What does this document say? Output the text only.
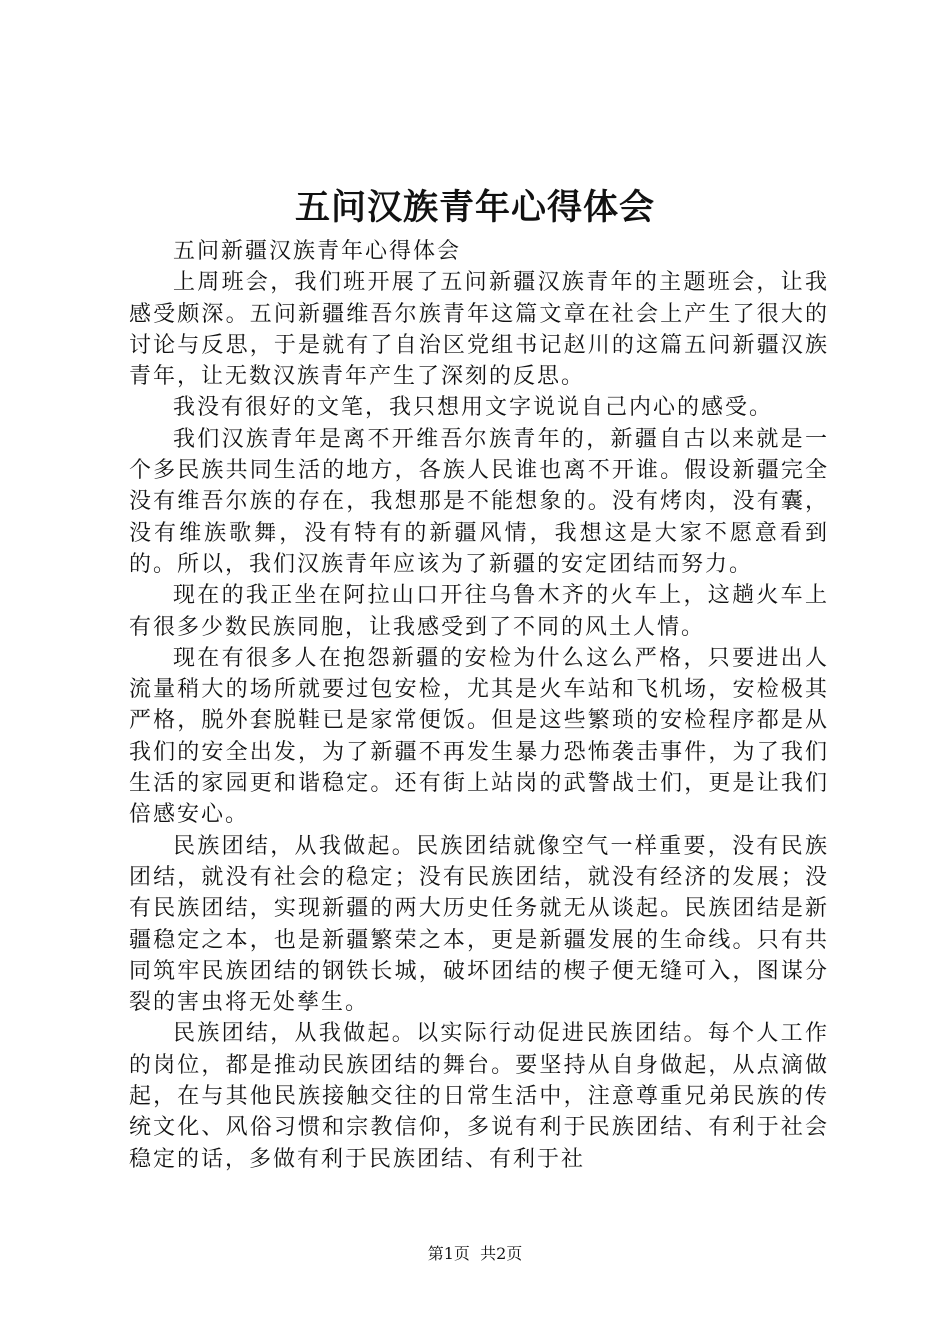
五问汉族青年心得体会

五问新疆汉族青年心得体会

上周班会，我们班开展了五问新疆汉族青年的主题班会，让我感受颇深。五问新疆维吾尔族青年这篇文章在社会上产生了很大的讨论与反思，于是就有了自治区党组书记赵川的这篇五问新疆汉族青年，让无数汉族青年产生了深刻的反思。

我没有很好的文笔，我只想用文字说说自己内心的感受。

我们汉族青年是离不开维吾尔族青年的，新疆自古以来就是一个多民族共同生活的地方，各族人民谁也离不开谁。假设新疆完全没有维吾尔族的存在，我想那是不能想象的。没有烤肉，没有囊，没有维族歌舞，没有特有的新疆风情，我想这是大家不愿意看到的。所以，我们汉族青年应该为了新疆的安定团结而努力。

现在的我正坐在阿拉山口开往乌鲁木齐的火车上，这趟火车上有很多少数民族同胞，让我感受到了不同的风土人情。

现在有很多人在抱怨新疆的安检为什么这么严格，只要进出人流量稍大的场所就要过包安检，尤其是火车站和飞机场，安检极其严格，脱外套脱鞋已是家常便饭。但是这些繁琐的安检程序都是从我们的安全出发，为了新疆不再发生暴力恐怖袭击事件，为了我们生活的家园更和谐稳定。还有街上站岗的武警战士们，更是让我们倍感安心。

民族团结，从我做起。民族团结就像空气一样重要，没有民族团结，就没有社会的稳定；没有民族团结，就没有经济的发展；没有民族团结，实现新疆的两大历史任务就无从谈起。民族团结是新疆稳定之本，也是新疆繁荣之本，更是新疆发展的生命线。只有共同筑牢民族团结的钢铁长城，破坏团结的楔子便无缝可入，图谋分裂的害虫将无处孳生。

民族团结，从我做起。以实际行动促进民族团结。每个人工作的岗位，都是推动民族团结的舞台。要坚持从自身做起，从点滴做起，在与其他民族接触交往的日常生活中，注意尊重兄弟民族的传统文化、风俗习惯和宗教信仰，多说有利于民族团结、有利于社会稳定的话，多做有利于民族团结、有利于社

第1页  共2页
